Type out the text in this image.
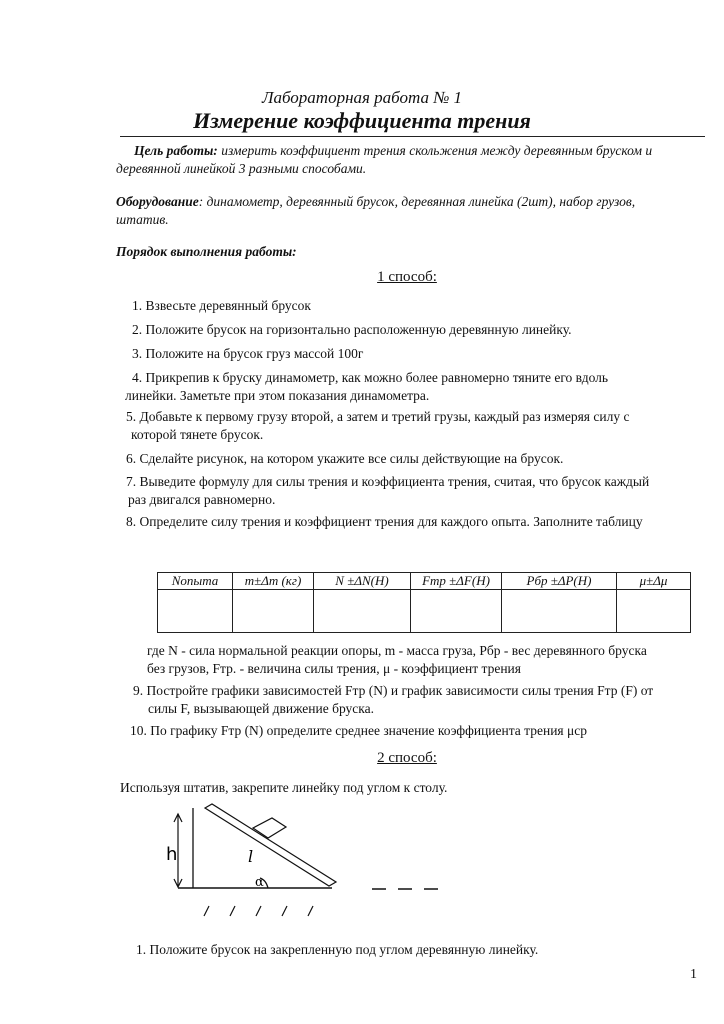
Лабораторная работа № 1
Измерение коэффициента трения
Цель работы: измерить коэффициент трения скольжения между деревянным бруском и
деревянной линейкой 3 разными способами.
Оборудование: динамометр, деревянный брусок, деревянная линейка (2шт), набор грузов,
штатив.
Порядок выполнения работы:
1 способ:
1. Взвесьте деревянный брусок
2. Положите брусок на горизонтально расположенную деревянную линейку.
3. Положите на брусок груз массой 100г
4. Прикрепив к бруску динамометр, как можно более равномерно тяните его вдоль
линейки. Заметьте при этом показания динамометра.
5. Добавьте к первому грузу второй, а затем и третий грузы, каждый раз измеряя силу с
которой тянете брусок.
6. Сделайте рисунок, на котором укажите все силы действующие на брусок.
7. Выведите формулу для силы трения и коэффициента трения, считая, что брусок каждый
раз двигался равномерно.
8. Определите силу трения и коэффициент трения для каждого опыта. Заполните таблицу
Nопыта	m±Δm (кг)	N ±ΔN(H)	Fтр ±ΔF(H)	Pбр ±ΔP(H)	μ±Δμ

где N - сила нормальной реакции опоры, m - масса груза, Pбр - вес деревянного бруска
без грузов, Fтр. - величина силы трения, μ - коэффициент трения
9. Постройте графики зависимостей Fтр (N) и график зависимости силы трения Fтр (F) от
силы F, вызывающей движение бруска.
10. По графику Fтр (N) определите среднее значение коэффициента трения μср
2 способ:
Используя штатив, закрепите линейку под углом к столу.
h	l
α
1. Положите брусок на закрепленную под углом деревянную линейку.
1
